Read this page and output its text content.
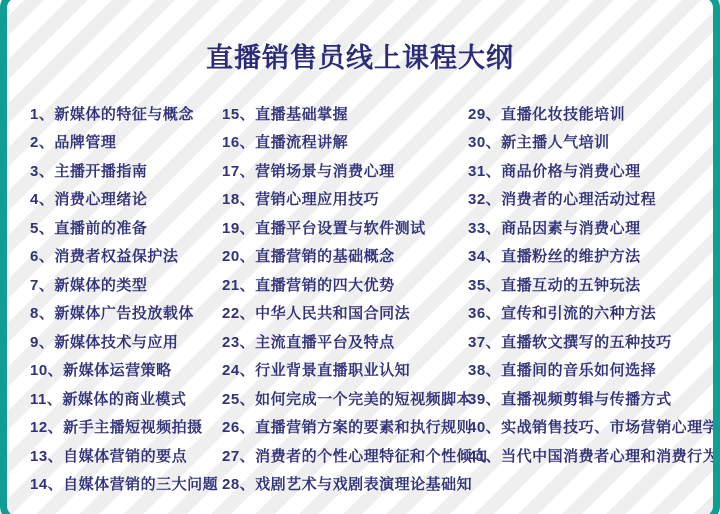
直播销售员线上课程大纲
1、新媒体的特征与概念
2、品牌管理
3、主播开播指南
4、消费心理绪论
5、直播前的准备
6、消费者权益保护法
7、新媒体的类型
8、新媒体广告投放载体
9、新媒体技术与应用
10、新媒体运营策略
11、新媒体的商业模式
12、新手主播短视频拍摄
13、自媒体营销的要点
14、自媒体营销的三大问题
15、直播基础掌握
16、直播流程讲解
17、营销场景与消费心理
18、营销心理应用技巧
19、直播平台设置与软件测试
20、直播营销的基础概念
21、直播营销的四大优势
22、中华人民共和国合同法
23、主流直播平台及特点
24、行业背景直播职业认知
25、如何完成一个完美的短视频脚本
26、直播营销方案的要素和执行规则
27、消费者的个性心理特征和个性倾向
28、戏剧艺术与戏剧表演理论基础知
29、直播化妆技能培训
30、新主播人气培训
31、商品价格与消费心理
32、消费者的心理活动过程
33、商品因素与消费心理
34、直播粉丝的维护方法
35、直播互动的五钟玩法
36、宣传和引流的六种方法
37、直播软文撰写的五种技巧
38、直播间的音乐如何选择
39、直播视频剪辑与传播方式
40、实战销售技巧、市场营销心理学
41、当代中国消费者心理和消费行为
